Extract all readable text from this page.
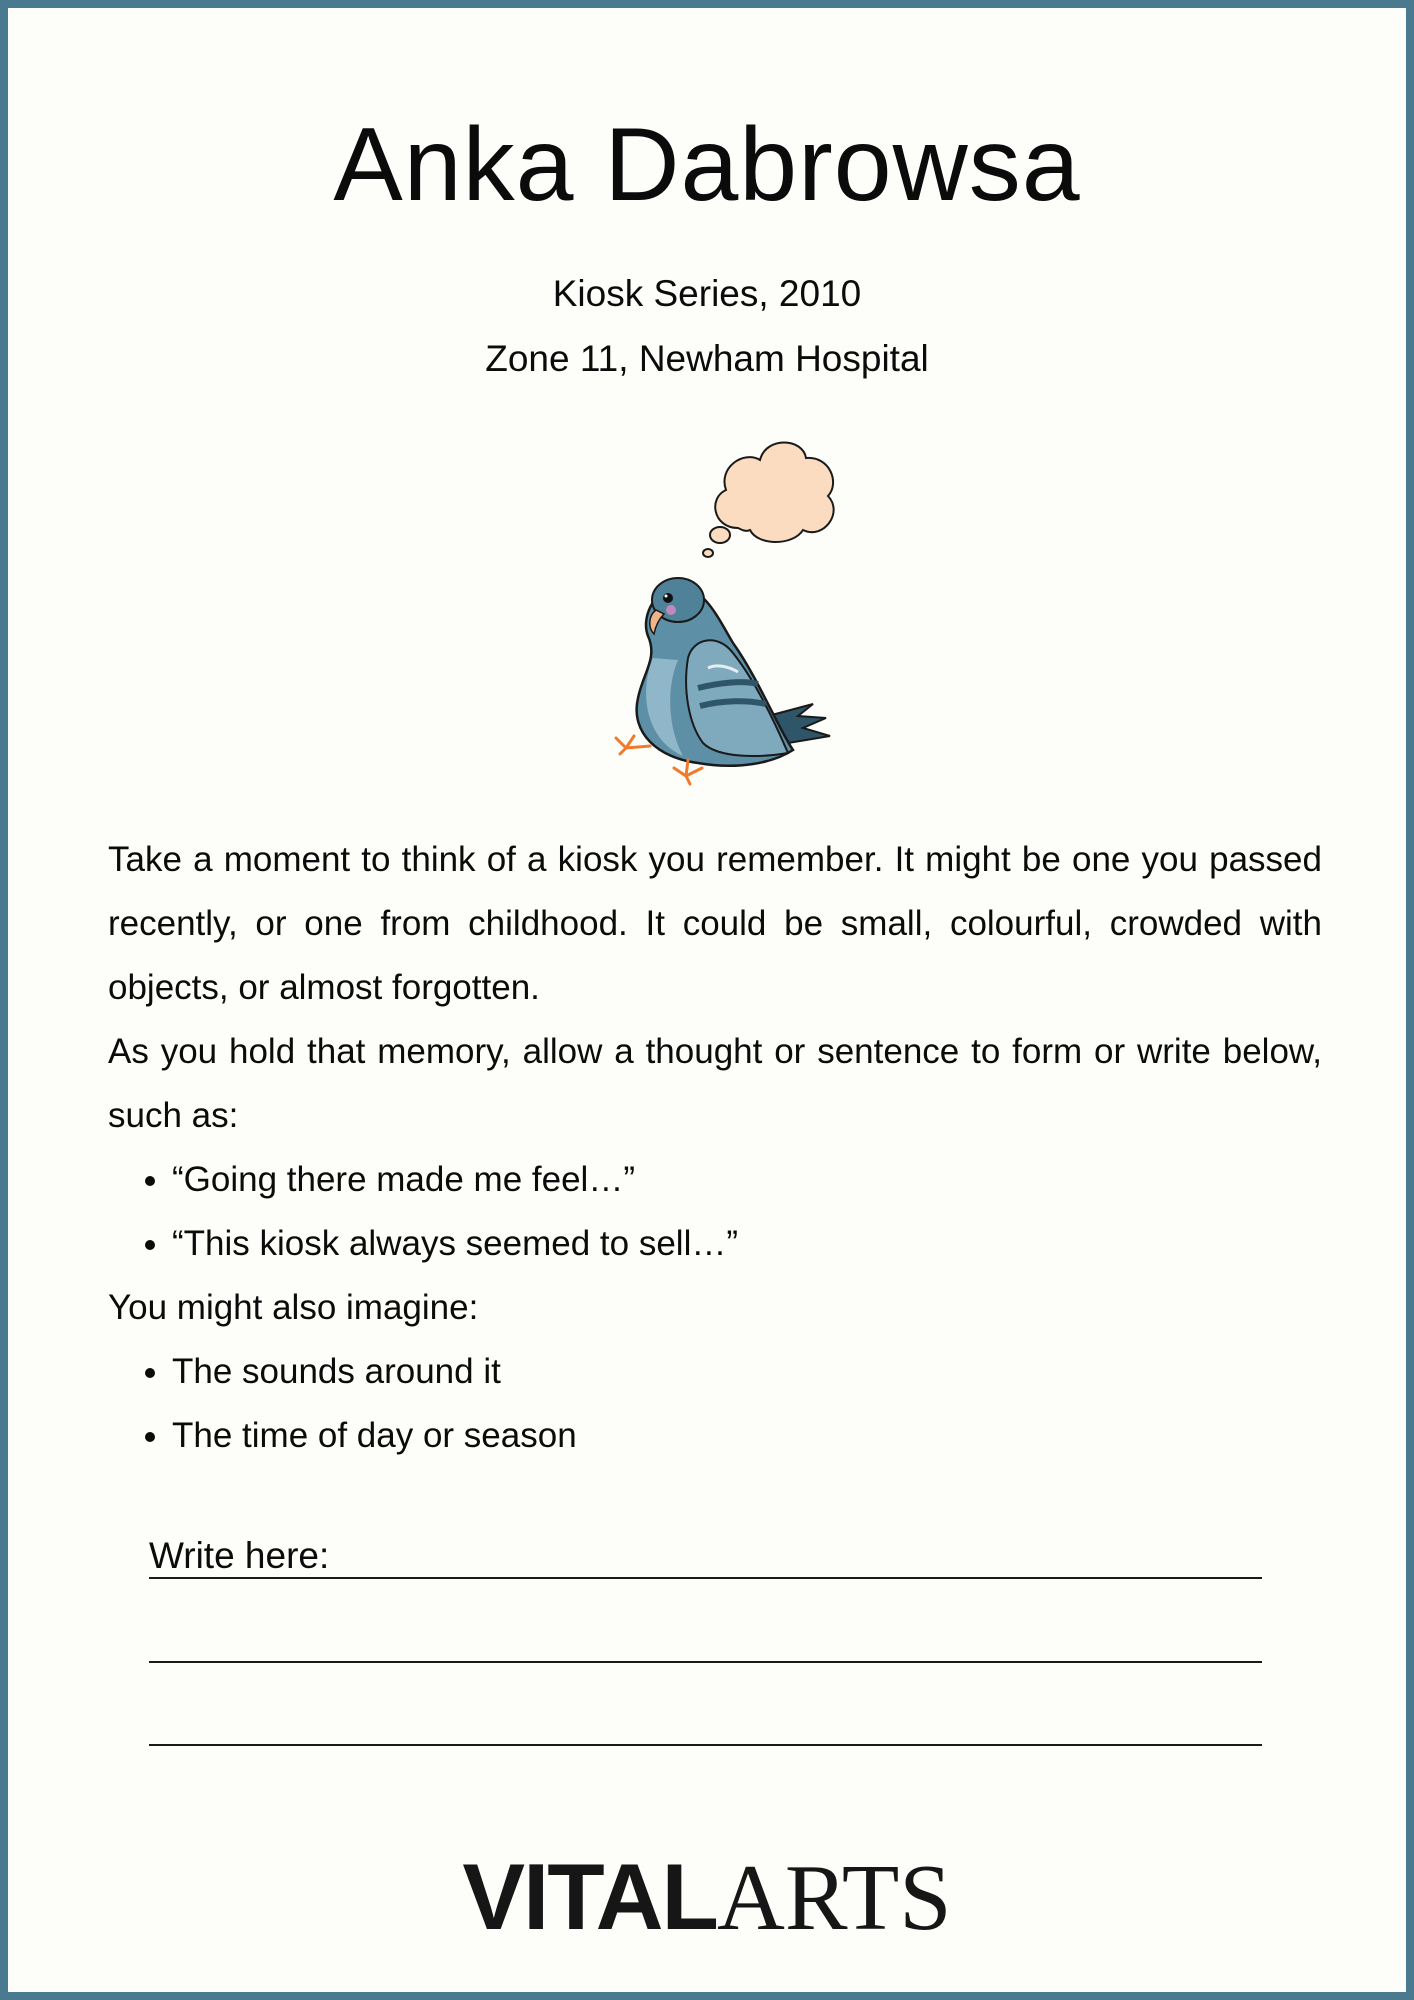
Anka Dabrowsa

Kiosk Series, 2010

Zone 11, Newham Hospital

Take a moment to think of a kiosk you remember. It might be one you passed recently, or one from childhood. It could be small, colourful, crowded with objects, or almost forgotten.

As you hold that memory, allow a thought or sentence to form or write below, such as:

• “Going there made me feel…”
• “This kiosk always seemed to sell…”

You might also imagine:

• The sounds around it
• The time of day or season

Write here:

VITALARTS
